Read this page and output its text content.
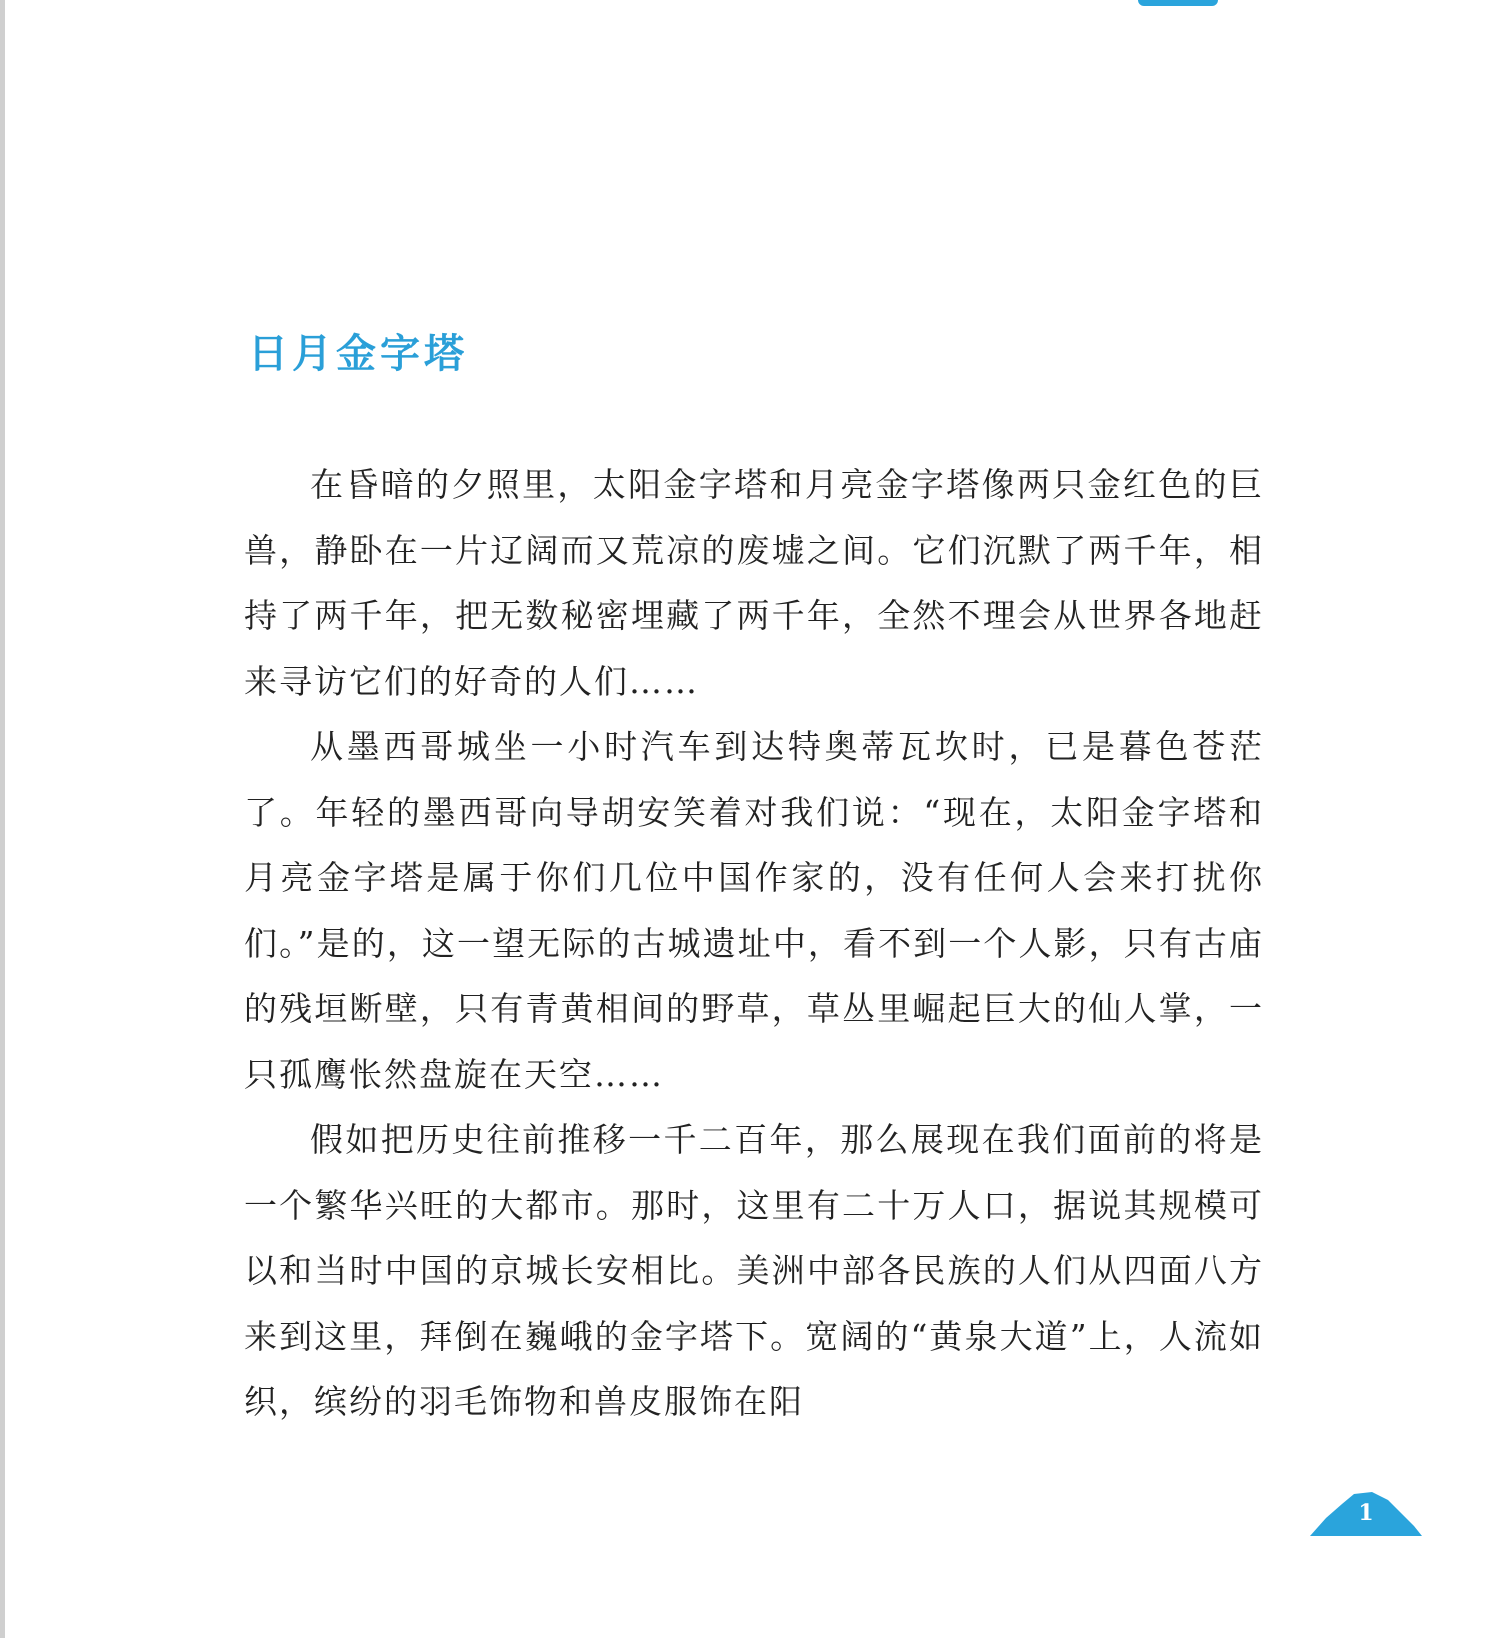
日月金字塔

在昏暗的夕照里，太阳金字塔和月亮金字塔像两只金红色的巨兽，静卧在一片辽阔而又荒凉的废墟之间。它们沉默了两千年，相持了两千年，把无数秘密埋藏了两千年，全然不理会从世界各地赶来寻访它们的好奇的人们……

从墨西哥城坐一小时汽车到达特奥蒂瓦坎时，已是暮色苍茫了。年轻的墨西哥向导胡安笑着对我们说：“现在，太阳金字塔和月亮金字塔是属于你们几位中国作家的，没有任何人会来打扰你们。”是的，这一望无际的古城遗址中，看不到一个人影，只有古庙的残垣断壁，只有青黄相间的野草，草丛里崛起巨大的仙人掌，一只孤鹰怅然盘旋在天空……

假如把历史往前推移一千二百年，那么展现在我们面前的将是一个繁华兴旺的大都市。那时，这里有二十万人口，据说其规模可以和当时中国的京城长安相比。美洲中部各民族的人们从四面八方来到这里，拜倒在巍峨的金字塔下。宽阔的“黄泉大道”上，人流如织，缤纷的羽毛饰物和兽皮服饰在阳

1
